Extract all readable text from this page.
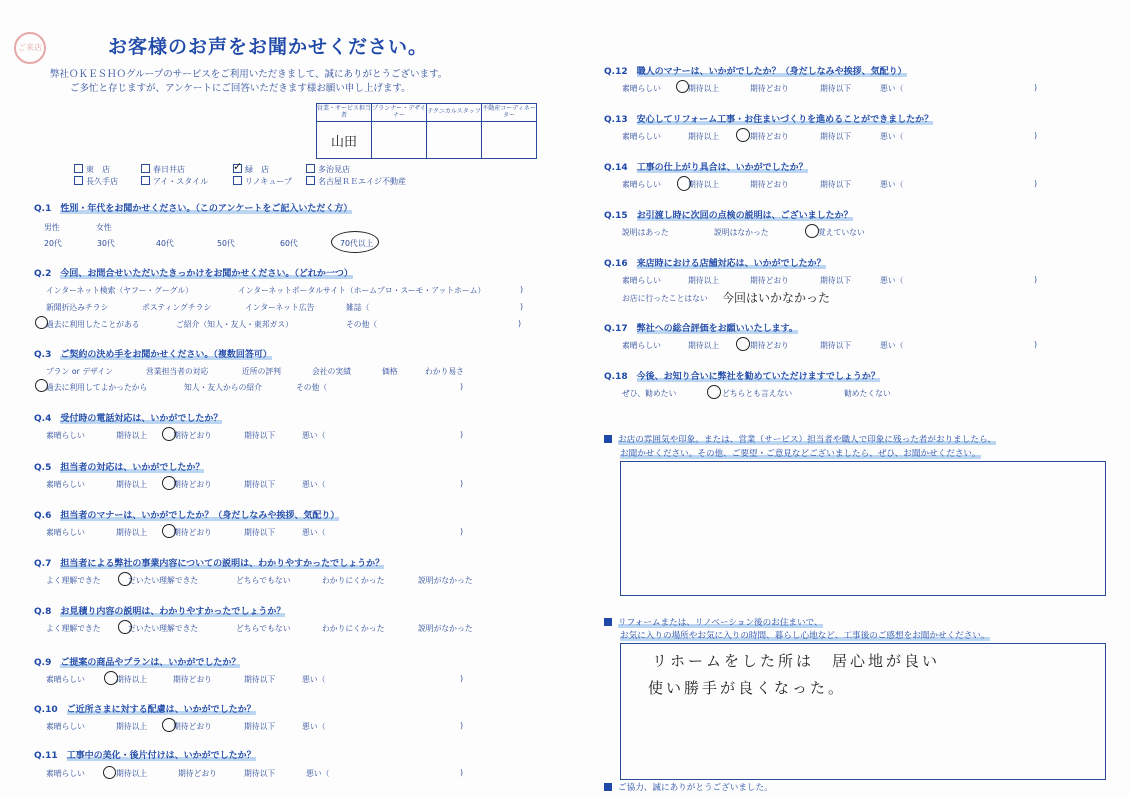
ご来店	お客様のお声をお聞かせください。
弊社ＯＫＥＳＨＯグループのサービスをご利用いただきまして、誠にありがとうございます。
ご多忙と存じますが、アンケートにご回答いただきます様お願い申し上げます。
営業・サービス担当者	プランナー・デザイナー	テクニカルスタッフ	不動産コーディネーター
山田			
東　店	春日井店 ✓	緑　店	多治見店
長久手店	アイ・スタイル	リノキューブ	名古屋ＲＥエイジ不動産
Q.1　 性別・年代をお聞かせください。（このアンケートをご記入いただく方）
男性	女性
20代	30代	40代	50代	60代	70代以上
Q.2　 今回、お問合せいただいたきっかけをお聞かせください。（どれか一つ）
インターネット検索（ヤフー・グーグル）	インターネットポータルサイト（ホームプロ・スーモ・アットホーム）	)
新聞折込みチラシ	ポスティングチラシ	インターネット広告	雑誌（	)
過去に利用したことがある	ご紹介（知人・友人・東邦ガス）	その他（	)
Q.3　 ご契約の決め手をお聞かせください。（複数回答可）
プラン or デザイン	営業担当者の対応	近所の評判	会社の実績	価格	わかり易さ
過去に利用してよかったから	知人・友人からの紹介	その他（	)
Q.4　 受付時の電話対応は、いかがでしたか？
素晴らしい	期待以上	期待どおり	期待以下	悪い（	)
Q.5　 担当者の対応は、いかがでしたか？
素晴らしい	期待以上	期待どおり	期待以下	悪い（	)
Q.6　 担当者のマナーは、いかがでしたか？（身だしなみや挨拶、気配り）
素晴らしい	期待以上	期待どおり	期待以下	悪い（	)
Q.7　 担当者による弊社の事業内容についての説明は、わかりやすかったでしょうか？
よく理解できた	だいたい理解できた	どちらでもない	わかりにくかった	説明がなかった
Q.8　 お見積り内容の説明は、わかりやすかったでしょうか？
よく理解できた	だいたい理解できた	どちらでもない	わかりにくかった	説明がなかった
Q.9　 ご提案の商品やプランは、いかがでしたか？
素晴らしい	期待以上	期待どおり	期待以下	悪い（	)
Q.10　 ご近所さまに対する配慮は、いかがでしたか？
素晴らしい	期待以上	期待どおり	期待以下	悪い（	)
Q.11　 工事中の美化・後片付けは、いかがでしたか？
素晴らしい	期待以上	期待どおり	期待以下	悪い（	)
Q.12　 職人のマナーは、いかがでしたか？（身だしなみや挨拶、気配り）
素晴らしい	期待以上	期待どおり	期待以下	悪い（	)
Q.13　 安心してリフォーム工事・お住まいづくりを進めることができましたか？
素晴らしい	期待以上	期待どおり	期待以下	悪い（	)
Q.14　 工事の仕上がり具合は、いかがでしたか？
素晴らしい	期待以上	期待どおり	期待以下	悪い（	)
Q.15　 お引渡し時に次回の点検の説明は、ございましたか？
説明はあった	説明はなかった	覚えていない
Q.16　 来店時における店舗対応は、いかがでしたか？
素晴らしい	期待以上	期待どおり	期待以下	悪い（	)
お店に行ったことはない 今回はいかなかった
Q.17　 弊社への総合評価をお願いいたします。
素晴らしい	期待以上	期待どおり	期待以下	悪い（	)
Q.18　 今後、お知り合いに弊社を勧めていただけますでしょうか？
ぜひ、勧めたい	どちらとも言えない	勧めたくない
お店の雰囲気や印象。または、営業（サービス）担当者や職人で印象に残った者がおりましたら、
お聞かせください。その他、ご要望・ご意見などございましたら、ぜひ、お聞かせください。
リフォームまたは、リノベーション後のお住まいで、
お気に入りの場所やお気に入りの時間、暮らし心地など、工事後のご感想をお聞かせください。
リホームをした所は　居心地が良い
使い勝手が良くなった。
ご協力、誠にありがとうございました。
